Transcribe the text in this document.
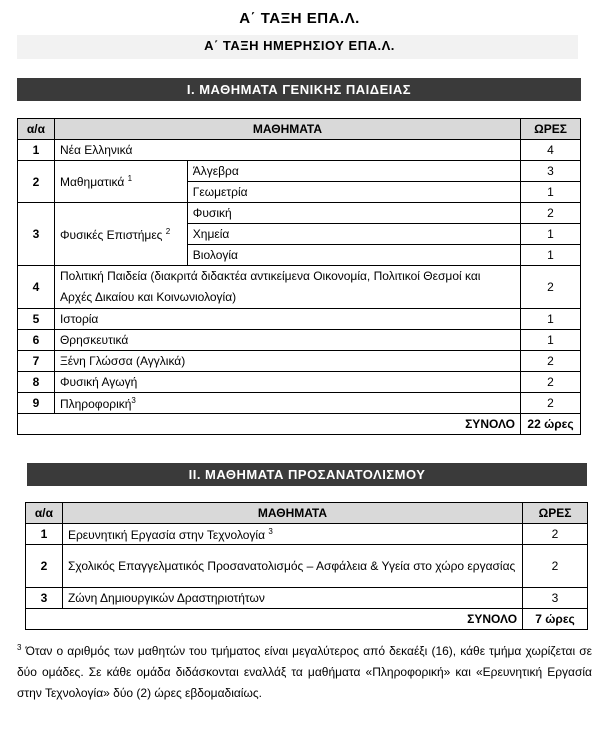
Α΄ ΤΑΞΗ ΕΠΑ.Λ.
Α΄ ΤΑΞΗ ΗΜΕΡΗΣΙΟΥ ΕΠΑ.Λ.
Ι. ΜΑΘΗΜΑΤΑ ΓΕΝΙΚΗΣ ΠΑΙΔΕΙΑΣ
α/α	ΜΑΘΗΜΑΤΑ		ΩΡΕΣ
1	Νέα Ελληνικά		4
2	Μαθηματικά $^1$	Άλγεβρα	3
		Γεωμετρία	1
3	Φυσικές Επιστήμες $^2$	Φυσική	2
		Χημεία	1
		Βιολογία	1
4	Πολιτική Παιδεία (διακριτά διδακτέα αντικείμενα Οικονομία, Πολιτικοί Θεσμοί και Αρχές Δικαίου και Κοινωνιολογία)		2
5	Ιστορία		1
6	Θρησκευτικά		1
7	Ξένη Γλώσσα (Αγγλικά)		2
8	Φυσική Αγωγή		2
9	Πληροφορική$^3$		2
ΣΥΝΟΛΟ			22 ώρες
ΙΙ. ΜΑΘΗΜΑΤΑ ΠΡΟΣΑΝΑΤΟΛΙΣΜΟΥ
α/α	ΜΑΘΗΜΑΤΑ	ΩΡΕΣ
1	Ερευνητική Εργασία στην Τεχνολογία $^3$	2
2	Σχολικός Επαγγελματικός Προσανατολισμός – Ασφάλεια & Υγεία στο χώρο εργασίας	2
3	Ζώνη Δημιουργικών Δραστηριοτήτων	3
ΣΥΝΟΛΟ		7 ώρες
$^3$ Όταν ο αριθμός των μαθητών του τμήματος είναι μεγαλύτερος από δεκαέξι (16), κάθε τμήμα χωρίζεται σε δύο ομάδες. Σε κάθε ομάδα διδάσκονται εναλλάξ τα μαθήματα «Πληροφορική» και «Ερευνητική Εργασία στην Τεχνολογία» δύο (2) ώρες εβδομαδιαίως.
